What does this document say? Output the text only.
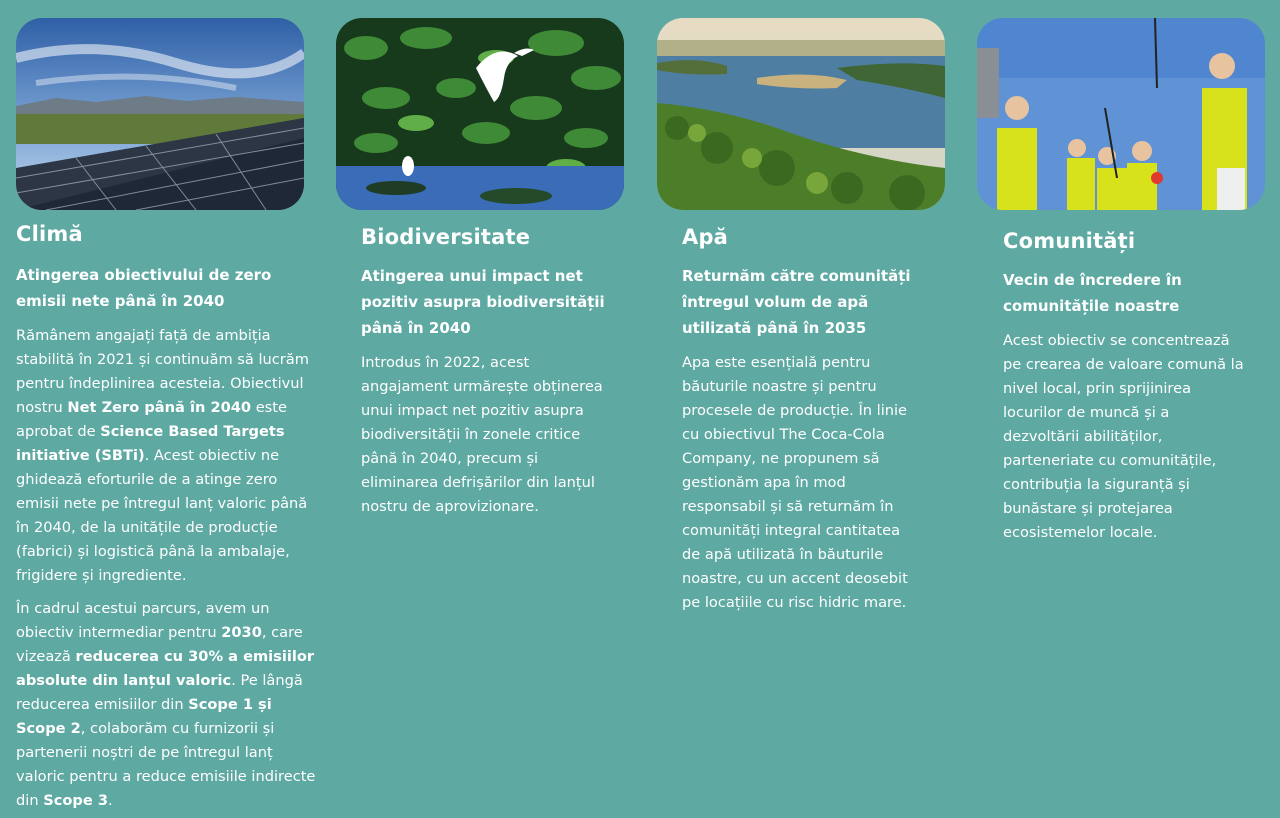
Climă
Atingerea obiectivului de zero emisii nete până în 2040

Rămânem angajați față de ambiția stabilită în 2021 și continuăm să lucrăm pentru îndeplinirea acesteia. Obiectivul nostru Net Zero până în 2040 este aprobat de Science Based Targets initiative (SBTi). Acest obiectiv ne ghidează eforturile de a atinge zero emisii nete pe întregul lanț valoric până în 2040, de la unitățile de producție (fabrici) și logistică până la ambalaje, frigidere și ingrediente.

În cadrul acestui parcurs, avem un obiectiv intermediar pentru 2030, care vizează reducerea cu 30% a emisiilor absolute din lanțul valoric. Pe lângă reducerea emisiilor din Scope 1 și Scope 2, colaborăm cu furnizorii și partenerii noștri de pe întregul lanț valoric pentru a reduce emisiile indirecte din Scope 3.

Biodiversitate
Atingerea unui impact net pozitiv asupra biodiversității până în 2040

Introdus în 2022, acest angajament urmărește obținerea unui impact net pozitiv asupra biodiversității în zonele critice până în 2040, precum și eliminarea defrișărilor din lanțul nostru de aprovizionare.

Apă
Returnăm către comunități întregul volum de apă utilizată până în 2035

Apa este esențială pentru băuturile noastre și pentru procesele de producție. În linie cu obiectivul The Coca-Cola Company, ne propunem să gestionăm apa în mod responsabil și să returnăm în comunități integral cantitatea de apă utilizată în băuturile noastre, cu un accent deosebit pe locațiile cu risc hidric mare.

Comunități
Vecin de încredere în comunitățile noastre

Acest obiectiv se concentrează pe crearea de valoare comună la nivel local, prin sprijinirea locurilor de muncă și a dezvoltării abilităților, parteneriate cu comunitățile, contribuția la siguranță și bunăstare și protejarea ecosistemelor locale.
